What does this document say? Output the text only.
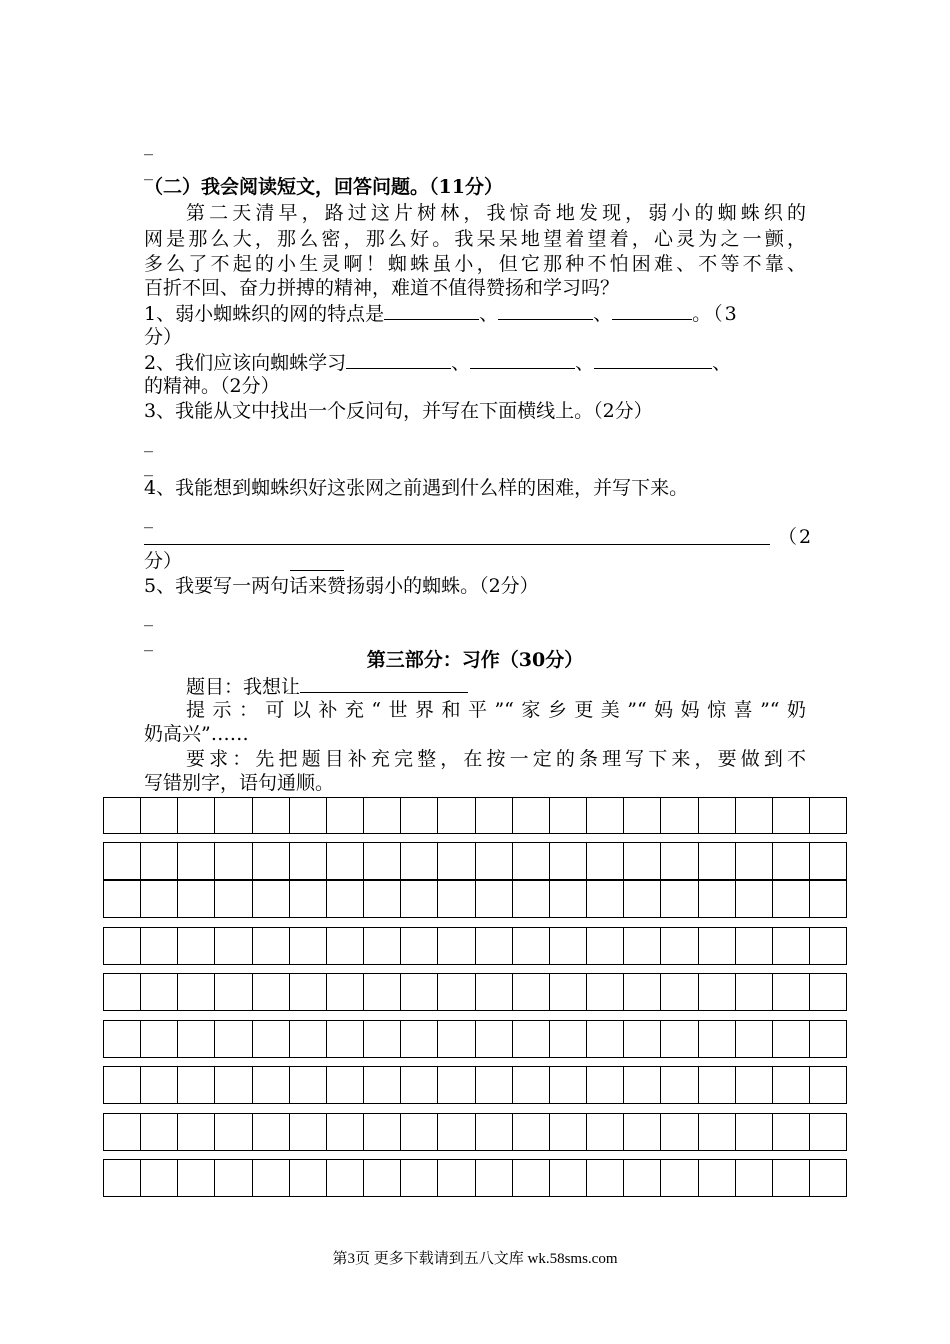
_
_
（二）我会阅读短文，回答问题。（11分）
第二天清早，路过这片树林，我惊奇地发现，弱小的蜘蛛织的
网是那么大，那么密，那么好。我呆呆地望着望着，心灵为之一颤，
多么了不起的小生灵啊！蜘蛛虽小，但它那种不怕困难、不等不靠、
百折不回、奋力拼搏的精神，难道不值得赞扬和学习吗？
1、弱小蜘蛛织的网的特点是	、	、	。（3
分）
2、我们应该向蜘蛛学习	、	、	、
的精神。（2分）
3、我能从文中找出一个反问句，并写在下面横线上。（2分）
_
_
4、我能想到蜘蛛织好这张网之前遇到什么样的困难，并写下来。
_
（2
分）
5、我要写一两句话来赞扬弱小的蜘蛛。（2分）
_
_
第三部分：习作（30分）
题目：我想让
提示：可以补充“世界和平”“家乡更美”“妈妈惊喜”“奶
奶高兴”……
要求：先把题目补充完整，在按一定的条理写下来，要做到不
写错别字，语句通顺。
第3页 更多下载请到五八文库 wk.58sms.com
